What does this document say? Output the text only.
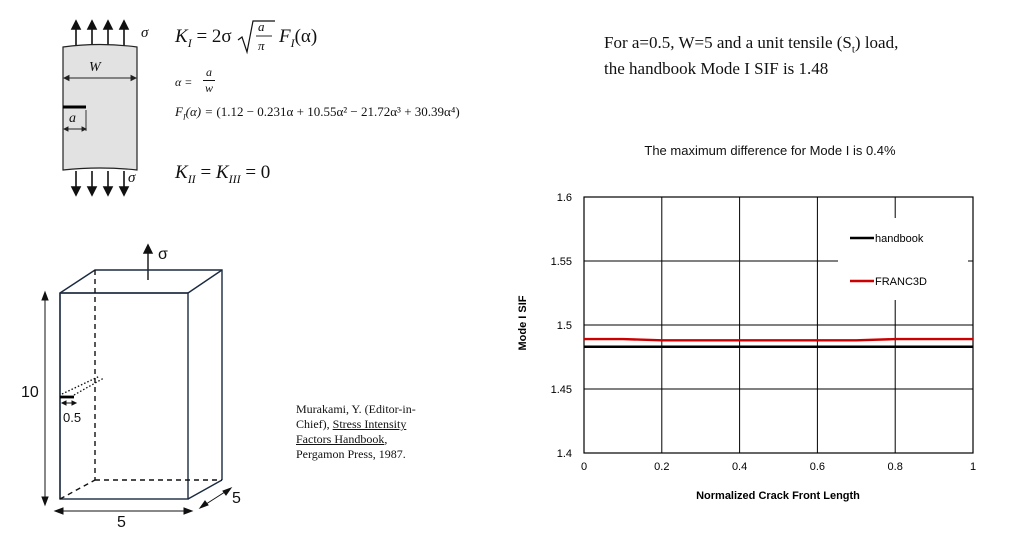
W
a
σ
σ
$K_I = 2\sigma$ a
π $F_I(\alpha)$
α =
a
w
$F_I(\alpha) = (1.12 - 0.231\alpha + 10.55\alpha^2 - 21.72\alpha^3 + 30.39\alpha^4)$
$K_{II} = K_{III} = 0$
For a=0.5, W=5 and a unit tensile $(S_t)$ load,
the handbook Mode I SIF is 1.48
σ
10
0.5
5
5
Murakami, Y. (Editor-in-
Chief), Stress Intensity
Factors Handbook,
Pergamon Press, 1987.
The maximum difference for Mode I is 0.4%
Mode I SIF
Normalized Crack Front Length
0	0.2	0.4	0.6	0.8	1
1.4
1.45
1.5
1.55
1.6
handbook
FRANC3D
